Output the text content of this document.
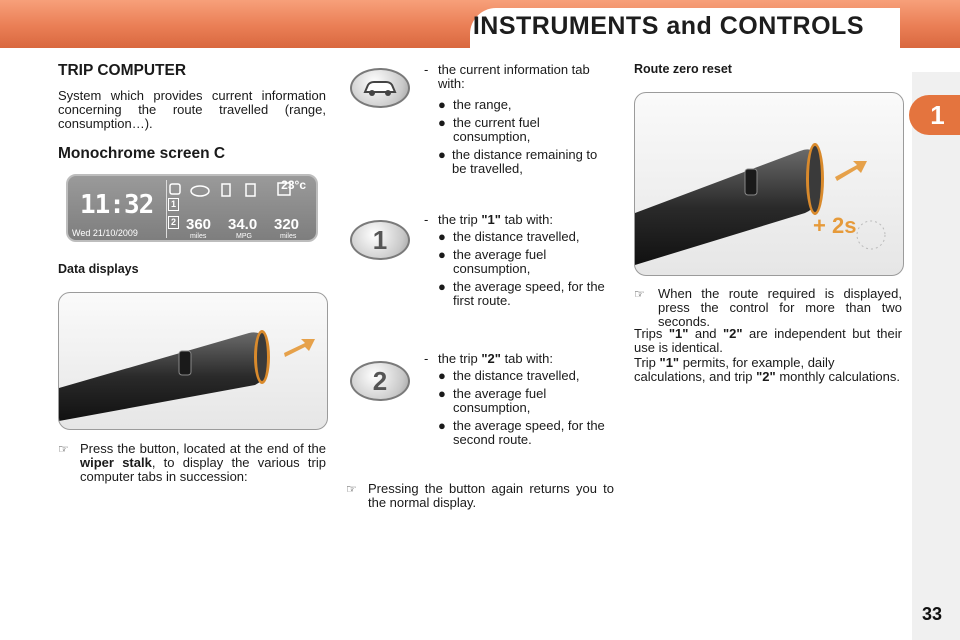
INSTRUMENTS and CONTROLS
1
33
TRIP COMPUTER
System which provides current information concerning the route travelled (range, consumption…).
Monochrome screen C
11:32
Wed 21/10/2009
23°c
1
2 360
miles
34.0
MPG
320
miles
Data displays
☞ Press the button, located at the end of the wiper stalk, to display the various trip computer tabs in succession:
- the current information tab with:
● the range,
● the current fuel consumption,
● the distance remaining to be travelled,
1
- the trip "1" tab with:
● the distance travelled,
● the average fuel consumption,
● the average speed, for the first route.
2
- the trip "2" tab with:
● the distance travelled,
● the average fuel consumption,
● the average speed, for the second route.
☞ Pressing the button again returns you to the normal display.
Route zero reset
+ 2s
☞ When the route required is displayed, press the control for more than two seconds.
Trips "1" and "2" are independent but their use is identical.
Trip "1" permits, for example, daily calculations, and trip "2" monthly calculations.
